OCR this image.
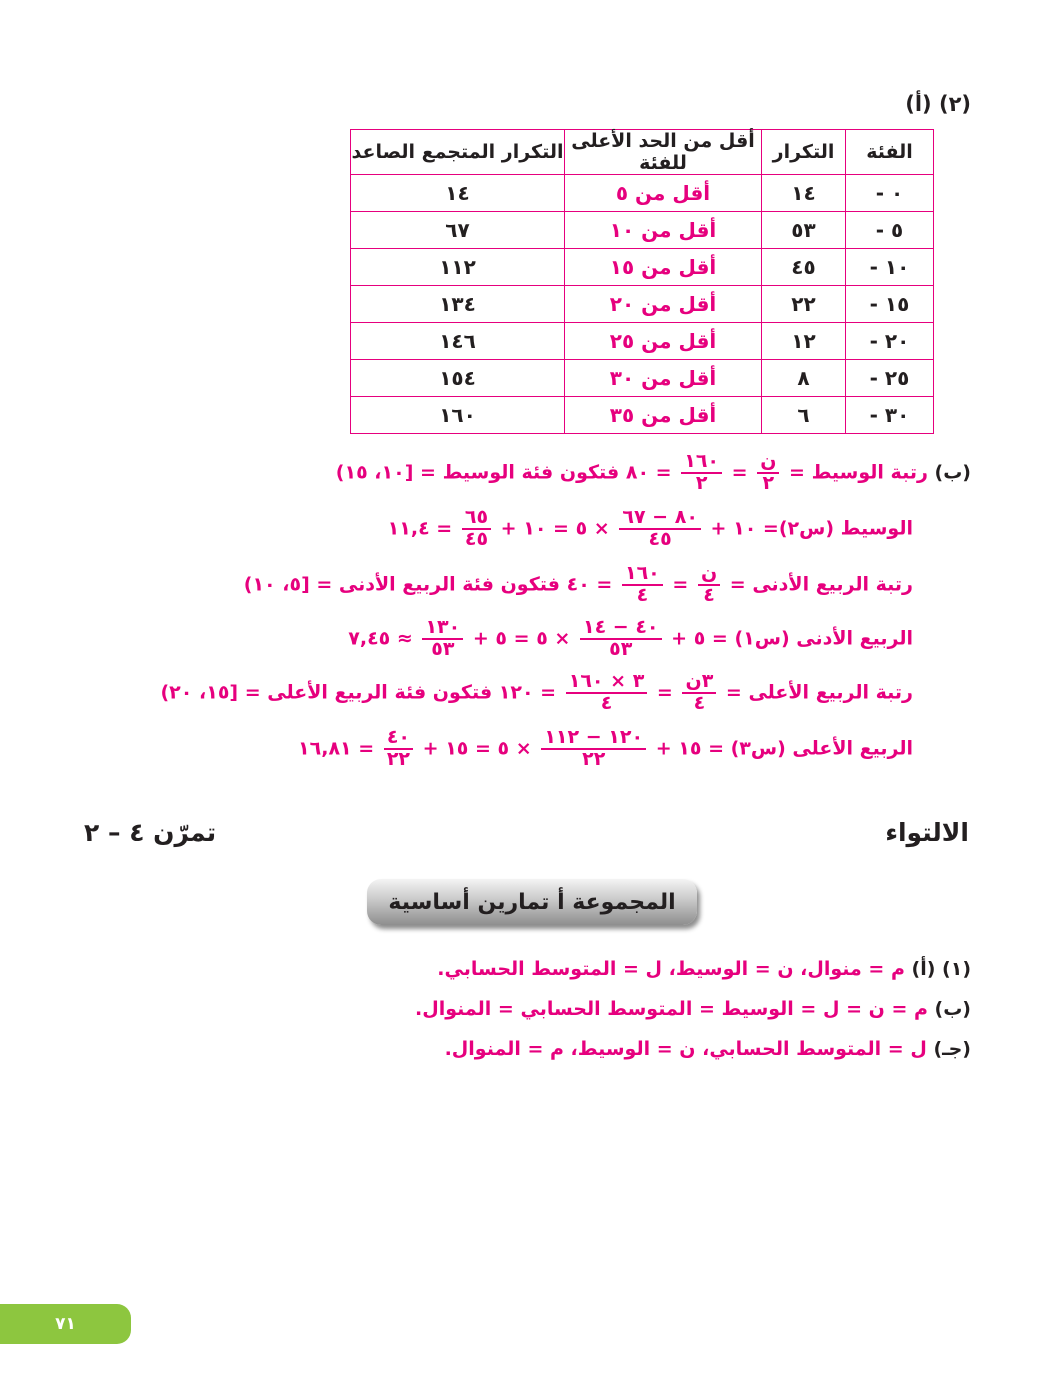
(٢) (أ)
الفئة	التكرار	أقل من الحد الأعلى للفئة	التكرار المتجمع الصاعد
٠ -	١٤	أقل من ٥	١٤
٥ -	٥٣	أقل من ١٠	٦٧
١٠ -	٤٥	أقل من ١٥	١١٢
١٥ -	٢٢	أقل من ٢٠	١٣٤
٢٠ -	١٢	أقل من ٢٥	١٤٦
٢٥ -	٨	أقل من ٣٠	١٥٤
٣٠ -	٦	أقل من ٣٥	١٦٠
(ب) رتبة الوسيط =
$\frac{\text{ن}}{٢}$
=
$\frac{١٦٠}{٢}$
= ٨٠ فتكون فئة الوسيط = [١٠، ١٥)
الوسيط (س٢)= ١٠ +
$\frac{٨٠ - ٦٧}{٤٥}$
× ٥ = ١٠ +
$\frac{٦٥}{٤٥}$
= ١١,٤
رتبة الربيع الأدنى =
$\frac{\text{ن}}{٤}$
=
$\frac{١٦٠}{٤}$
= ٤٠ فتكون فئة الربيع الأدنى = [٥، ١٠)
الربيع الأدنى (س١) = ٥ +
$\frac{٤٠ - ١٤}{٥٣}$
× ٥ = ٥ +
$\frac{١٣٠}{٥٣}$
≈ ٧,٤٥
رتبة الربيع الأعلى =
$\frac{\text{٣ن}}{٤}$
=
$\frac{٣ \times ١٦٠}{٤}$
= ١٢٠ فتكون فئة الربيع الأعلى = [١٥، ٢٠)
الربيع الأعلى (س٣) = ١٥ +
$\frac{١٢٠ - ١١٢}{٢٢}$
× ٥ = ١٥ +
$\frac{٤٠}{٢٢}$
= ١٦,٨١
الالتواء
تمرّن ٤ – ٢
المجموعة أ تمارين أساسية
(١) (أ) م = منوال، ن = الوسيط، ل = المتوسط الحسابي.
(ب) م = ن = ل = الوسيط = المتوسط الحسابي = المنوال.
(جـ) ل = المتوسط الحسابي، ن = الوسيط، م = المنوال.
٧١
